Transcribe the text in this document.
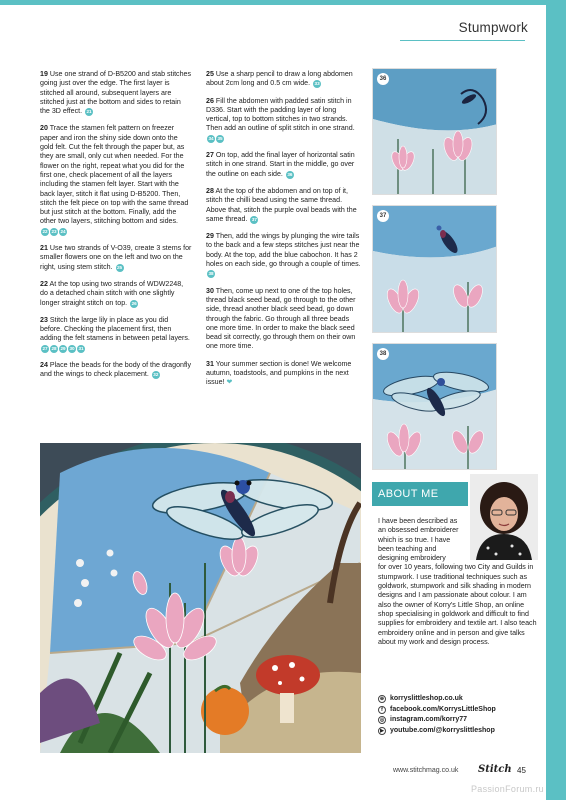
Stumpwork

19 Use one strand of D-B5200 and stab stitches going just over the edge. The first layer is stitched all around, subsequent layers are stitched just at the bottom and sides to retain the 3D effect. 21

20 Trace the stamen felt pattern on freezer paper and iron the shiny side down onto the gold felt. Cut the felt through the paper but, as they are small, only cut when needed. For the flower on the right, repeat what you did for the first one, check placement of all the layers including the stamen felt layer. Start with the back layer, stitch it flat using D-B5200. Then, stitch the felt piece on top with the same thread but just stitch at the bottom. Finally, add the other two layers, stitching bottom and sides. 22 23 24

21 Use two strands of V-O39, create 3 stems for smaller flowers one on the left and two on the right, using stem stitch. 25

22 At the top using two strands of WDW2248, do a detached chain stitch with one slightly longer straight stitch on top. 26

23 Stitch the large lily in place as you did before. Checking the placement first, then adding the felt stamens in between petal layers. 27 28 29 30 31

24 Place the beads for the body of the dragonfly and the wings to check placement. 32

25 Use a sharp pencil to draw a long abdomen about 2cm long and 0.5 cm wide. 33

26 Fill the abdomen with padded satin stitch in D336. Start with the padding layer of long vertical, top to bottom stitches in two strands. Then add an outline of split stitch in one strand. 34 35

27 On top, add the final layer of horizontal satin stitch in one strand. Start in the middle, go over the outline on each side. 36

28 At the top of the abdomen and on top of it, stitch the chilli bead using the same thread. Above that, stitch the purple oval beads with the same thread. 37

29 Then, add the wings by plunging the wire tails to the back and a few steps stitches just near the body. At the top, add the blue cabochon. It has 2 holes on each side, go through a couple of times. 38

30 Then, come up next to one of the top holes, thread black seed bead, go through to the other side, thread another black seed bead, go down through the fabric. Go through all three beads one more time. In order to make the black seed bead sit correctly, go through them on their own one more time.

31 Your summer section is done! We welcome autumn, toadstools, and pumpkins in the next issue! ❤

36
37
38
ABOUT ME
I have been described as an obsessed embroiderer which is so true. I have been teaching and designing embroidery
for over 10 years, following two City and Guilds in stumpwork. I use traditional techniques such as goldwork, stumpwork and silk shading in modern designs and I am passionate about colour. I am also the owner of Korry's Little Shop, an online shop specialising in goldwork and difficult to find supplies for embroidery and textile art. I also teach embroidery online and in person and give talks about my work and design process.
⊕ korryslittleshop.co.uk
f	facebook.com/KorrysLittleShop
◎ instagram.com/korry77
▶ youtube.com/@korryslittleshop
www.stitchmag.co.uk Stitch 45
PassionForum.ru
